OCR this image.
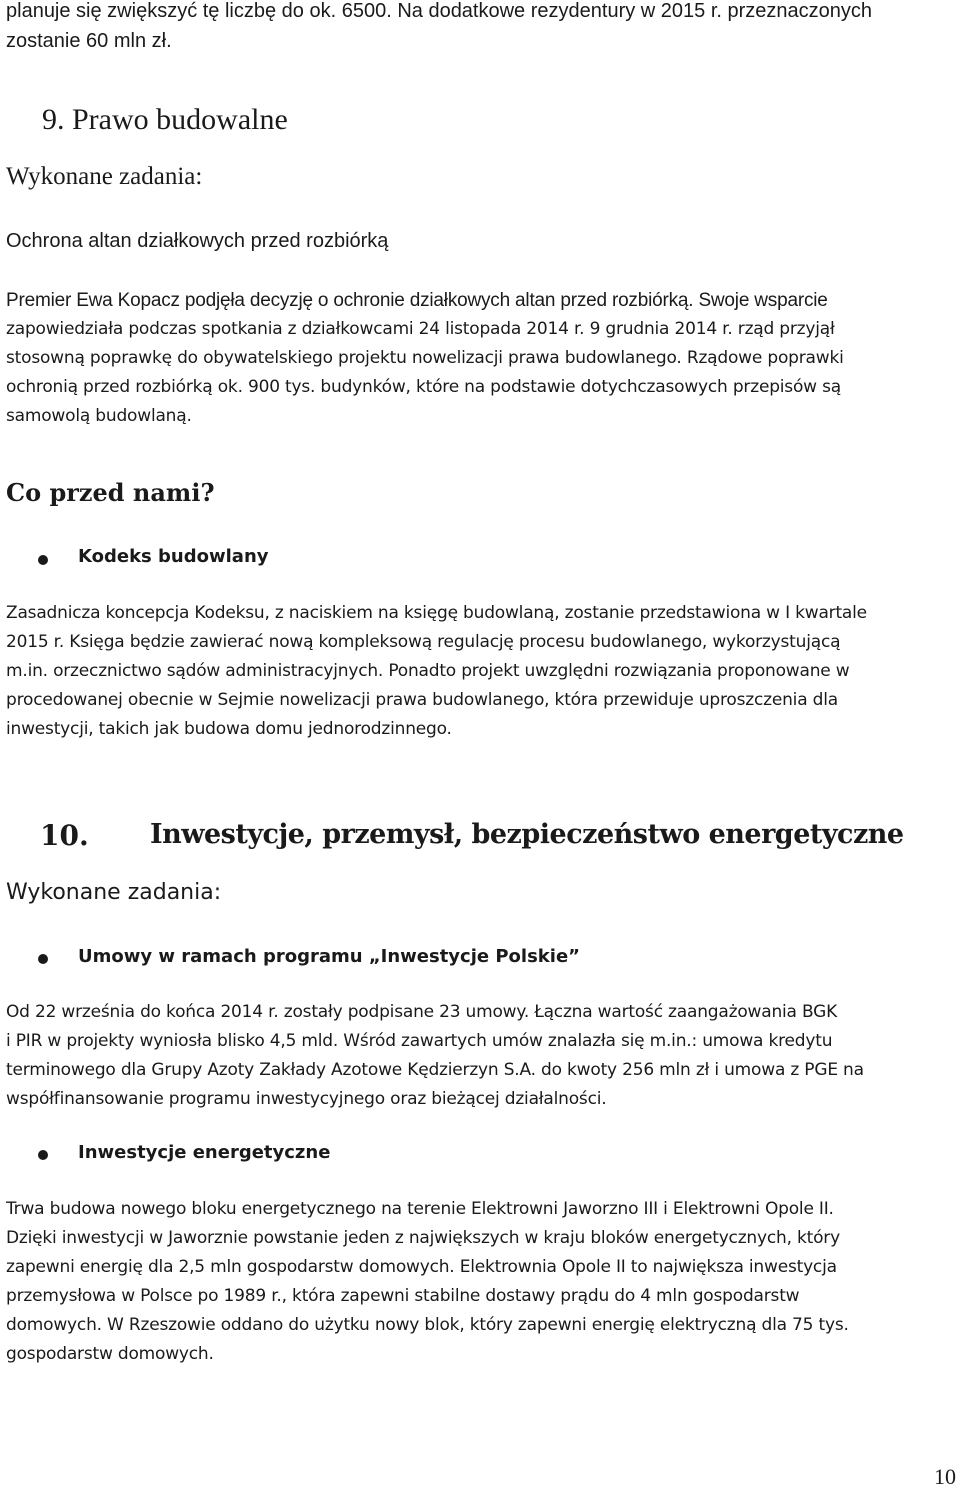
planuje się zwiększyć tę liczbę do ok. 6500. Na dodatkowe rezydentury w 2015 r. przeznaczonych
zostanie 60 mln zł.
9. Prawo budowalne
Wykonane zadania:
Ochrona altan działkowych przed rozbiórką
Premier Ewa Kopacz podjęła decyzję o ochronie działkowych altan przed rozbiórką. Swoje wsparcie
zapowiedziała podczas spotkania z działkowcami 24 listopada 2014 r. 9 grudnia 2014 r. rząd przyjął
stosowną poprawkę do obywatelskiego projektu nowelizacji prawa budowlanego. Rządowe poprawki
ochronią przed rozbiórką ok. 900 tys. budynków, które na podstawie dotychczasowych przepisów są
samowolą budowlaną.
Co przed nami?
Kodeks budowlany
Zasadnicza koncepcja Kodeksu, z naciskiem na księgę budowlaną, zostanie przedstawiona w I kwartale
2015 r. Księga będzie zawierać nową kompleksową regulację procesu budowlanego, wykorzystującą
m.in. orzecznictwo sądów administracyjnych. Ponadto projekt uwzględni rozwiązania proponowane w
procedowanej obecnie w Sejmie nowelizacji prawa budowlanego, która przewiduje uproszczenia dla
inwestycji, takich jak budowa domu jednorodzinnego.
10. Inwestycje, przemysł, bezpieczeństwo energetyczne
Wykonane zadania:
Umowy w ramach programu „Inwestycje Polskie”
Od 22 września do końca 2014 r. zostały podpisane 23 umowy. Łączna wartość zaangażowania BGK
i PIR w projekty wyniosła blisko 4,5 mld. Wśród zawartych umów znalazła się m.in.: umowa kredytu
terminowego dla Grupy Azoty Zakłady Azotowe Kędzierzyn S.A. do kwoty 256 mln zł i umowa z PGE na
współfinansowanie programu inwestycyjnego oraz bieżącej działalności.
Inwestycje energetyczne
Trwa budowa nowego bloku energetycznego na terenie Elektrowni Jaworzno III i Elektrowni Opole II.
Dzięki inwestycji w Jaworznie powstanie jeden z największych w kraju bloków energetycznych, który
zapewni energię dla 2,5 mln gospodarstw domowych. Elektrownia Opole II to największa inwestycja
przemysłowa w Polsce po 1989 r., która zapewni stabilne dostawy prądu do 4 mln gospodarstw
domowych. W Rzeszowie oddano do użytku nowy blok, który zapewni energię elektryczną dla 75 tys.
gospodarstw domowych.
10
